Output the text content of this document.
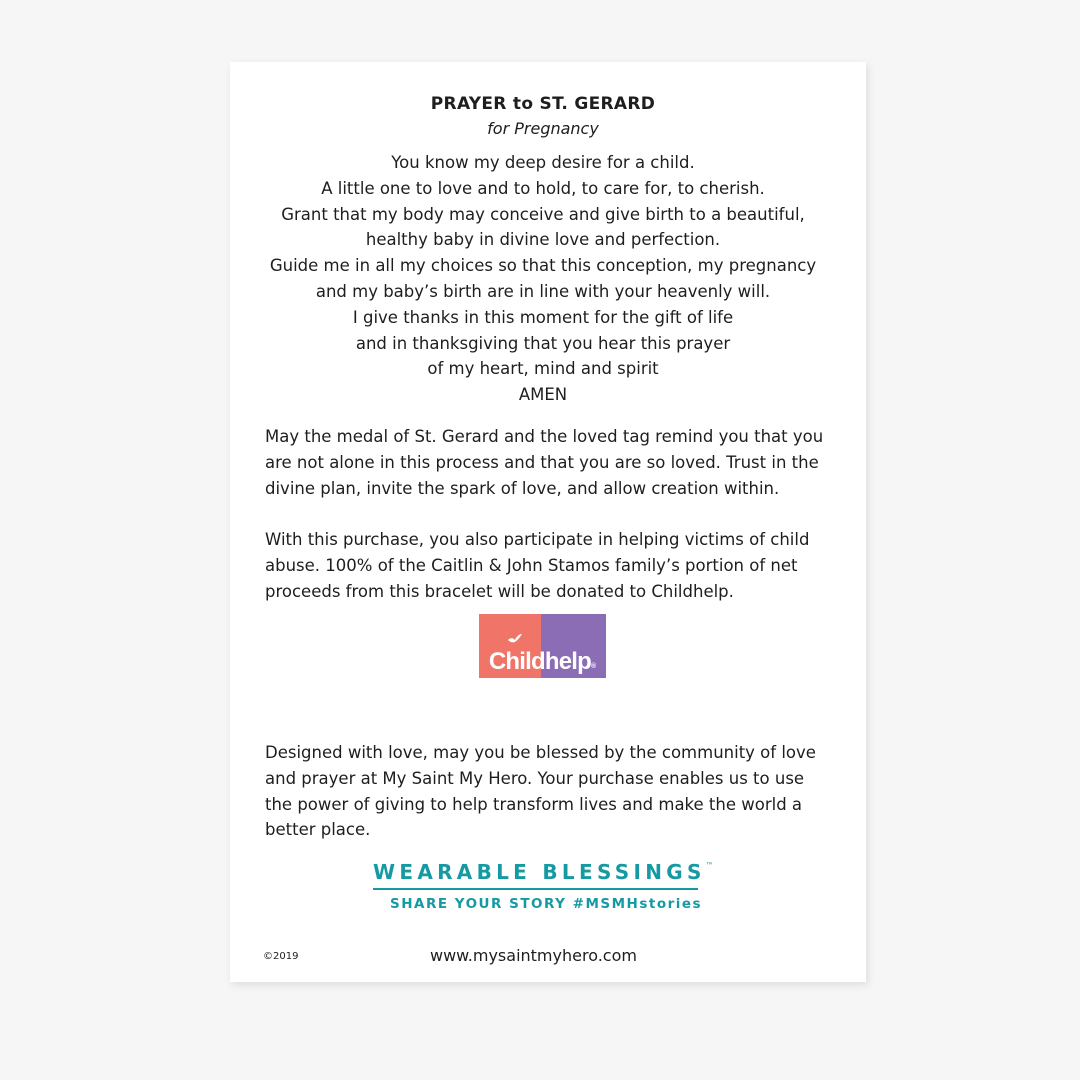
PRAYER to ST. GERARD
for Pregnancy
You know my deep desire for a child.
A little one to love and to hold, to care for, to cherish.
Grant that my body may conceive and give birth to a beautiful,
healthy baby in divine love and perfection.
Guide me in all my choices so that this conception, my pregnancy
and my baby’s birth are in line with your heavenly will.
I give thanks in this moment for the gift of life
and in thanksgiving that you hear this prayer
of my heart, mind and spirit
AMEN
May the medal of St. Gerard and the loved tag remind you that you are not alone in this process and that you are so loved. Trust in the divine plan, invite the spark of love, and allow creation within.
With this purchase, you also participate in helping victims of child abuse. 100% of the Caitlin & John Stamos family’s portion of net proceeds from this bracelet will be donated to Childhelp.
Childhelp®
Designed with love, may you be blessed by the community of love and prayer at My Saint My Hero. Your purchase enables us to use the power of giving to help transform lives and make the world a better place.
WEARABLE BLESSINGS™
SHARE YOUR STORY #MSMHstories
©2019	www.mysaintmyhero.com
